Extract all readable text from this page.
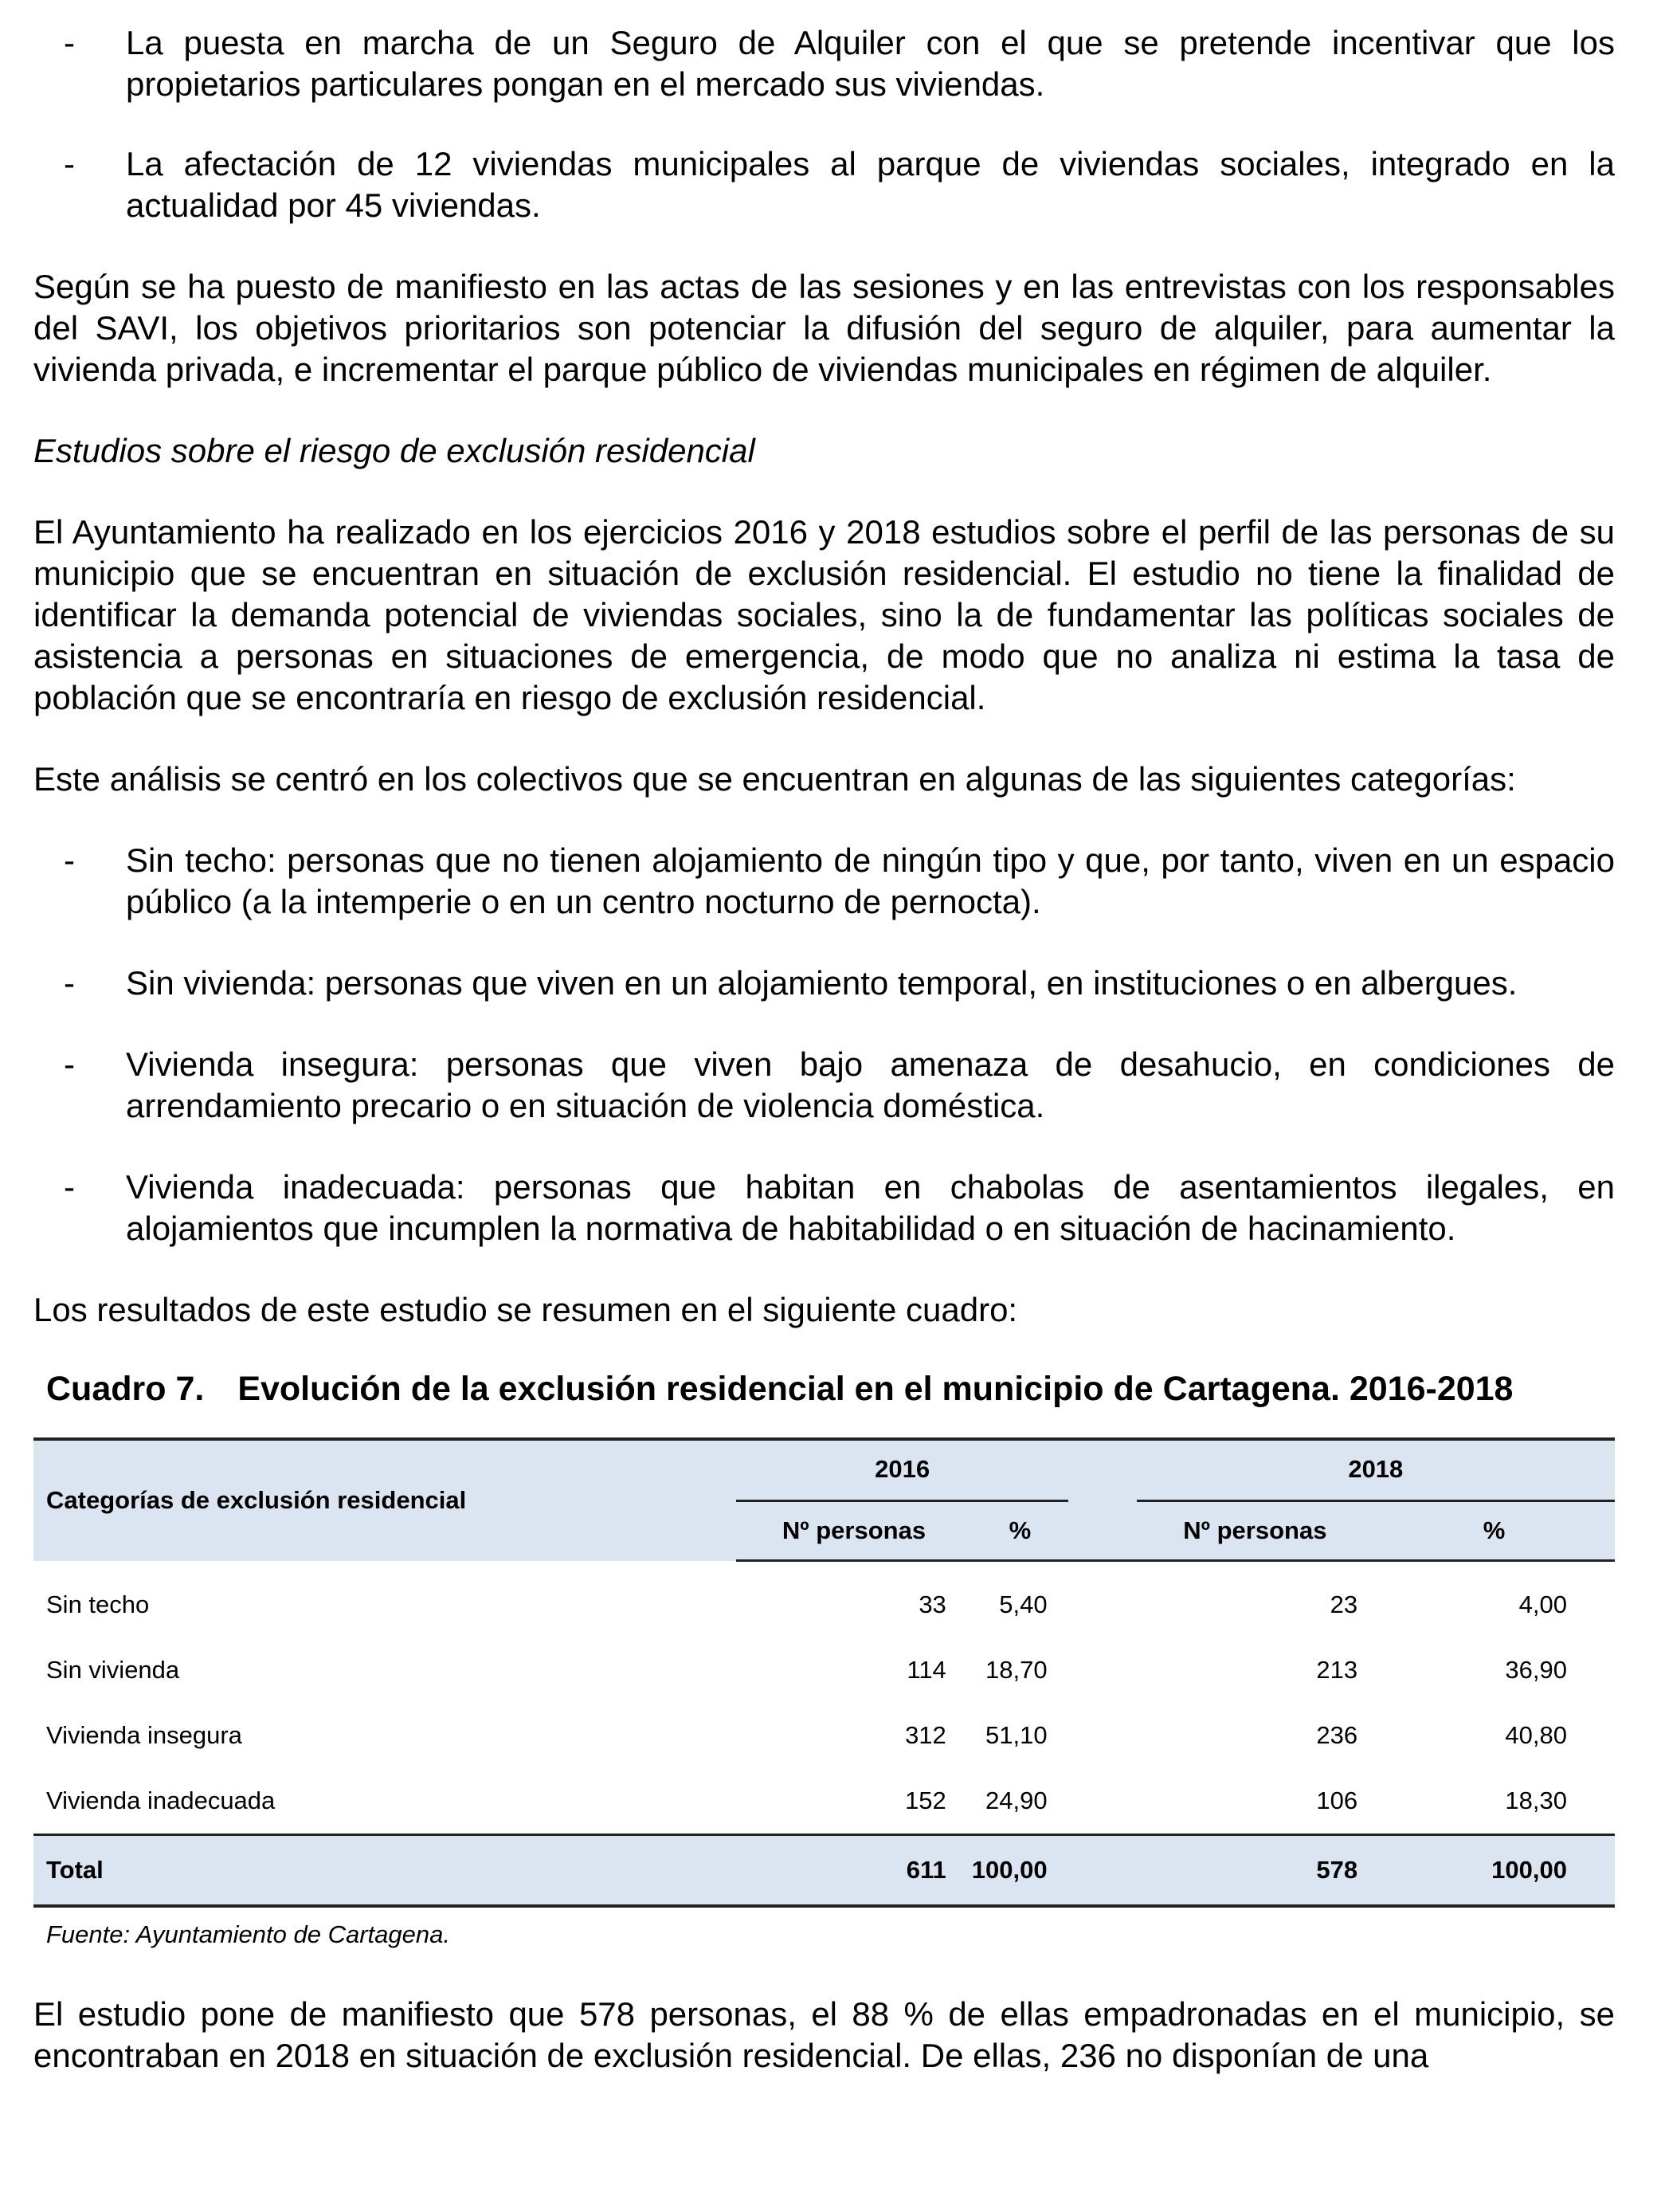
-	La puesta en marcha de un Seguro de Alquiler con el que se pretende incentivar que los propietarios particulares pongan en el mercado sus viviendas.

-	La afectación de 12 viviendas municipales al parque de viviendas sociales, integrado en la actualidad por 45 viviendas.

Según se ha puesto de manifiesto en las actas de las sesiones y en las entrevistas con los responsables del SAVI, los objetivos prioritarios son potenciar la difusión del seguro de alquiler, para aumentar la vivienda privada, e incrementar el parque público de viviendas municipales en régimen de alquiler.

Estudios sobre el riesgo de exclusión residencial

El Ayuntamiento ha realizado en los ejercicios 2016 y 2018 estudios sobre el perfil de las personas de su municipio que se encuentran en situación de exclusión residencial. El estudio no tiene la finalidad de identificar la demanda potencial de viviendas sociales, sino la de fundamentar las políticas sociales de asistencia a personas en situaciones de emergencia, de modo que no analiza ni estima la tasa de población que se encontraría en riesgo de exclusión residencial.

Este análisis se centró en los colectivos que se encuentran en algunas de las siguientes categorías:

-	Sin techo: personas que no tienen alojamiento de ningún tipo y que, por tanto, viven en un espacio público (a la intemperie o en un centro nocturno de pernocta).

-	Sin vivienda: personas que viven en un alojamiento temporal, en instituciones o en albergues.

-	Vivienda insegura: personas que viven bajo amenaza de desahucio, en condiciones de arrendamiento precario o en situación de violencia doméstica.

-	Vivienda inadecuada: personas que habitan en chabolas de asentamientos ilegales, en alojamientos que incumplen la normativa de habitabilidad o en situación de hacinamiento.

Los resultados de este estudio se resumen en el siguiente cuadro:

Cuadro 7. Evolución de la exclusión residencial en el municipio de Cartagena. 2016-2018

Categorías de exclusión residencial	2016			2018	

	Nº personas	%		Nº personas	%
Sin techo	33	5,40		23	4,00
Sin vivienda	114	18,70		213	36,90
Vivienda insegura	312	51,10		236	40,80
Vivienda inadecuada	152	24,90		106	18,30
Total	611	100,00		578	100,00
Fuente: Ayuntamiento de Cartagena.

El estudio pone de manifiesto que 578 personas, el 88 % de ellas empadronadas en el municipio, se encontraban en 2018 en situación de exclusión residencial. De ellas, 236 no disponían de una
